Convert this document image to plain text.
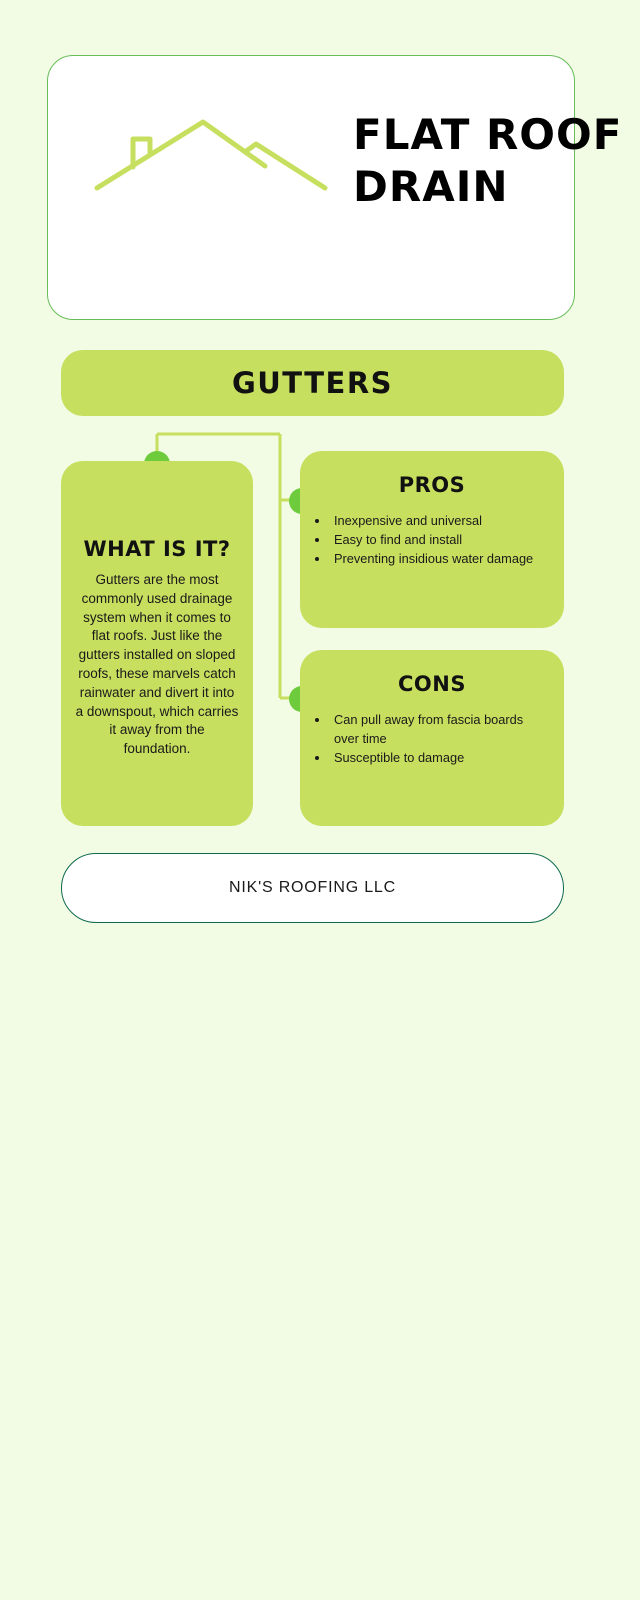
FLAT ROOF DRAIN
GUTTERS
WHAT IS IT?
Gutters are the most commonly used drainage system when it comes to flat roofs. Just like the gutters installed on sloped roofs, these marvels catch rainwater and divert it into a downspout, which carries it away from the foundation.
PROS
• Inexpensive and universal
• Easy to find and install
• Preventing insidious water damage
CONS
• Can pull away from fascia boards over time
• Susceptible to damage
NIK'S ROOFING LLC
